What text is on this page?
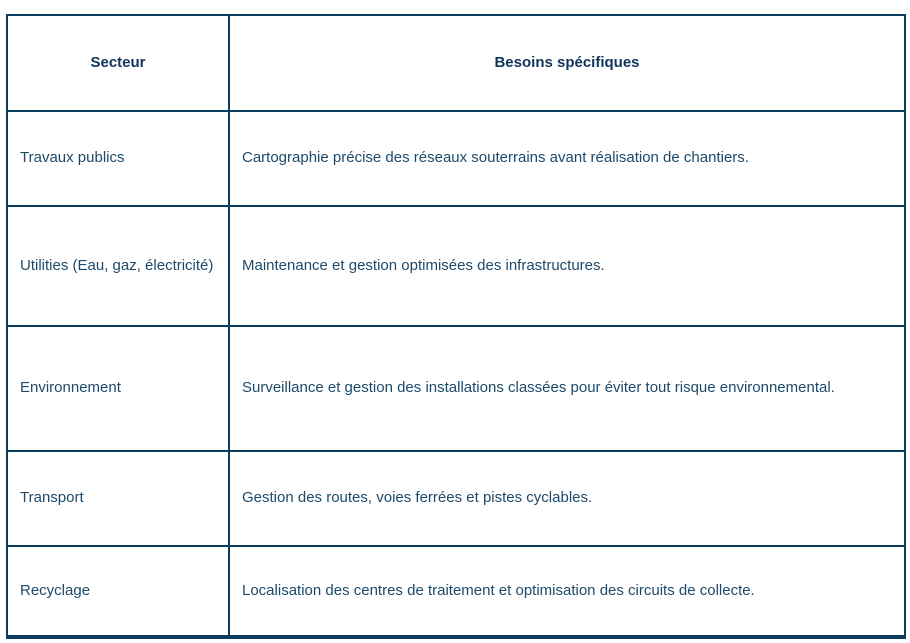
Secteur	Besoins spécifiques
Travaux publics	Cartographie précise des réseaux souterrains avant réalisation de chantiers.
Utilities (Eau, gaz, électricité)	Maintenance et gestion optimisées des infrastructures.
Environnement	Surveillance et gestion des installations classées pour éviter tout risque environnemental.
Transport	Gestion des routes, voies ferrées et pistes cyclables.
Recyclage	Localisation des centres de traitement et optimisation des circuits de collecte.
